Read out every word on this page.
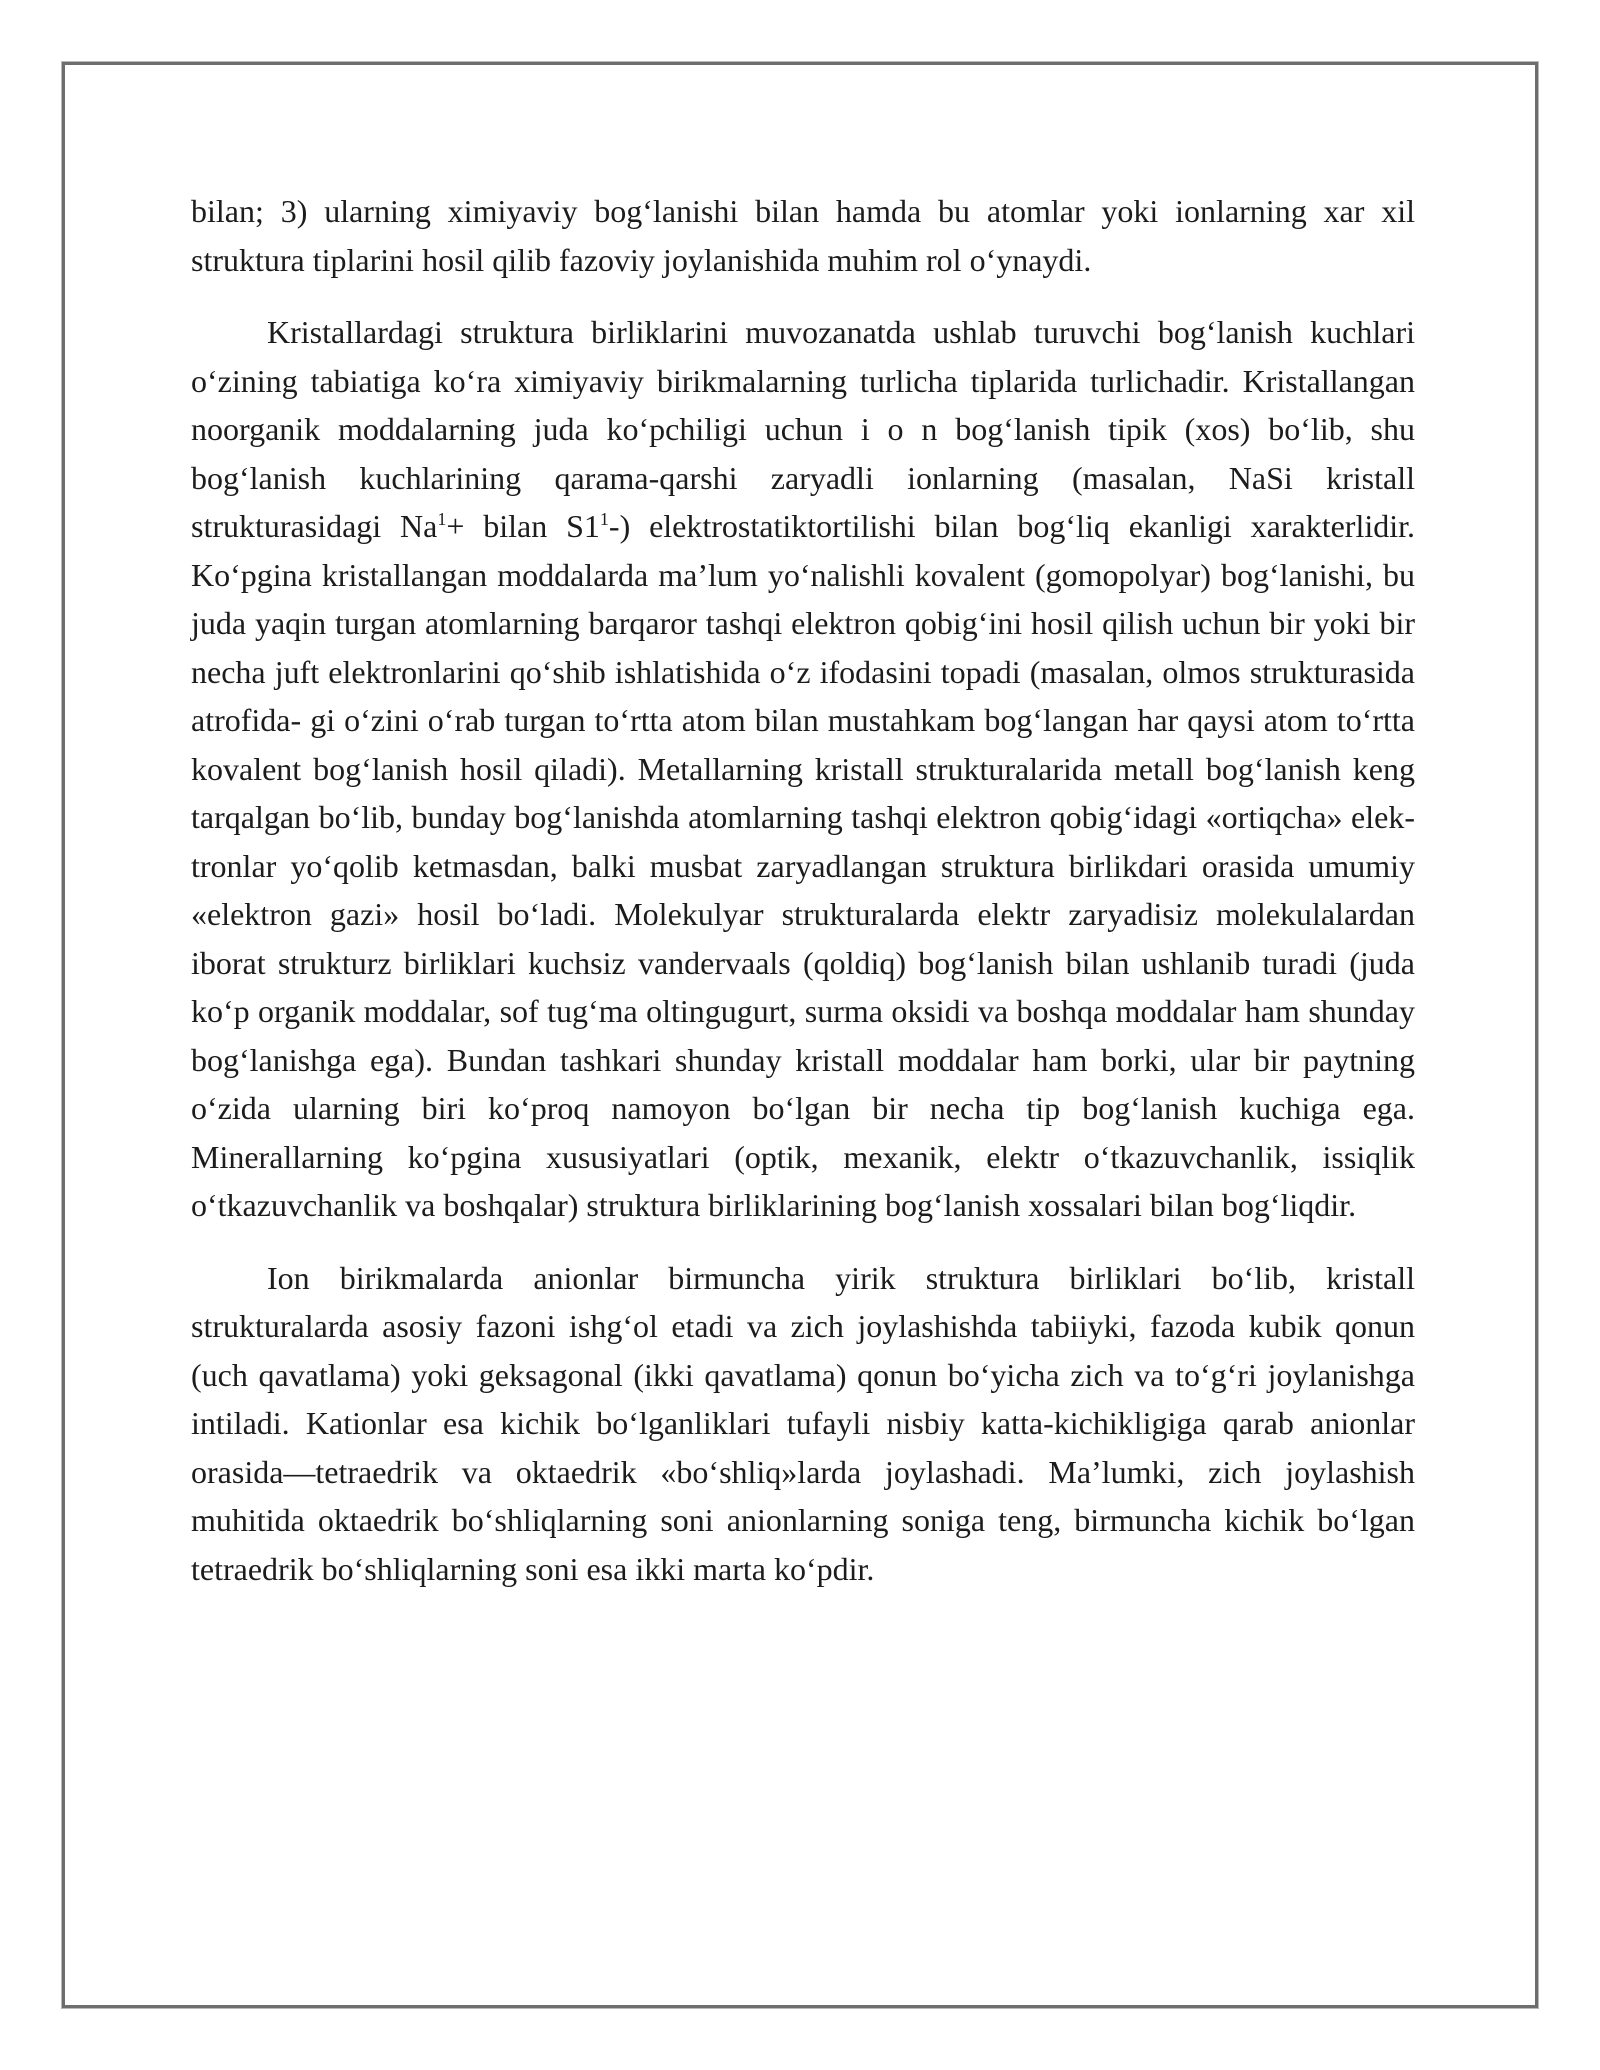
bilan; 3) ularning ximiyaviy bog‘lanishi bilan hamda bu atomlar yoki ionlarning xar xil struktura tiplarini hosil qilib fazoviy joylanishida muhim rol o‘ynaydi.

Kristallardagi struktura birliklarini muvozanatda ushlab turuvchi bog‘lanish kuchlari o‘zining tabiatiga ko‘ra ximiyaviy birikmalarning turlicha tiplarida turlichadir. Kristallangan noorganik moddalarning juda ko‘pchiligi uchun i o n bog‘lanish tipik (xos) bo‘lib, shu bog‘lanish kuchlarining qarama-qarshi zaryadli ionlarning (masalan, NaSi kristall strukturasidagi $Na^1+$ bilan $S1^1-$) elektrostatiktortilishi bilan bog‘liq ekanligi xarakterlidir. Ko‘pgina kristallangan moddalarda ma’lum yo‘nalishli kovalent (gomopolyar) bog‘lanishi, bu juda yaqin turgan atomlarning barqaror tashqi elektron qobig‘ini hosil qilish uchun bir yoki bir necha juft elektronlarini qo‘shib ishlatishida o‘z ifodasini topadi (masalan, olmos strukturasida atrofida- gi o‘zini o‘rab turgan to‘rtta atom bilan mustahkam bog‘langan har qaysi atom to‘rtta kovalent bog‘lanish hosil qiladi). Metallarning kristall strukturalarida metall bog‘lanish keng tarqalgan bo‘lib, bunday bog‘lanishda atomlarning tashqi elektron qobig‘idagi «ortiqcha» elek- tronlar yo‘qolib ketmasdan, balki musbat zaryadlangan struktura birlikdari orasida umumiy «elektron gazi» hosil bo‘ladi. Molekulyar strukturalarda elektr zaryadisiz molekulalardan iborat strukturz birliklari kuchsiz vandervaals (qoldiq) bog‘lanish bilan ushlanib turadi (juda ko‘p organik moddalar, sof tug‘ma oltingugurt, surma oksidi va boshqa moddalar ham shunday bog‘lanishga ega). Bundan tashkari shunday kristall moddalar ham borki, ular bir paytning o‘zida ularning biri ko‘proq namoyon bo‘lgan bir necha tip bog‘lanish kuchiga ega. Minerallarning ko‘pgina xususiyatlari (optik, mexanik, elektr o‘tkazuvchanlik, issiqlik o‘tkazuvchanlik va boshqalar) struktura birliklarining bog‘lanish xossalari bilan bog‘liqdir.

Ion birikmalarda anionlar birmuncha yirik struktura birliklari bo‘lib, kristall strukturalarda asosiy fazoni ishg‘ol etadi va zich joylashishda tabiiyki, fazoda kubik qonun (uch qavatlama) yoki geksagonal (ikki qavatlama) qonun bo‘yicha zich va to‘g‘ri joylanishga intiladi. Kationlar esa kichik bo‘lganliklari tufayli nisbiy katta-kichikligiga qarab anionlar orasida—tetraedrik va oktaedrik «bo‘shliq»larda joylashadi. Ma’lumki, zich joylashish muhitida oktaedrik bo‘shliqlarning soni anionlarning soniga teng, birmuncha kichik bo‘lgan tetraedrik bo‘shliqlarning soni esa ikki marta ko‘pdir.
